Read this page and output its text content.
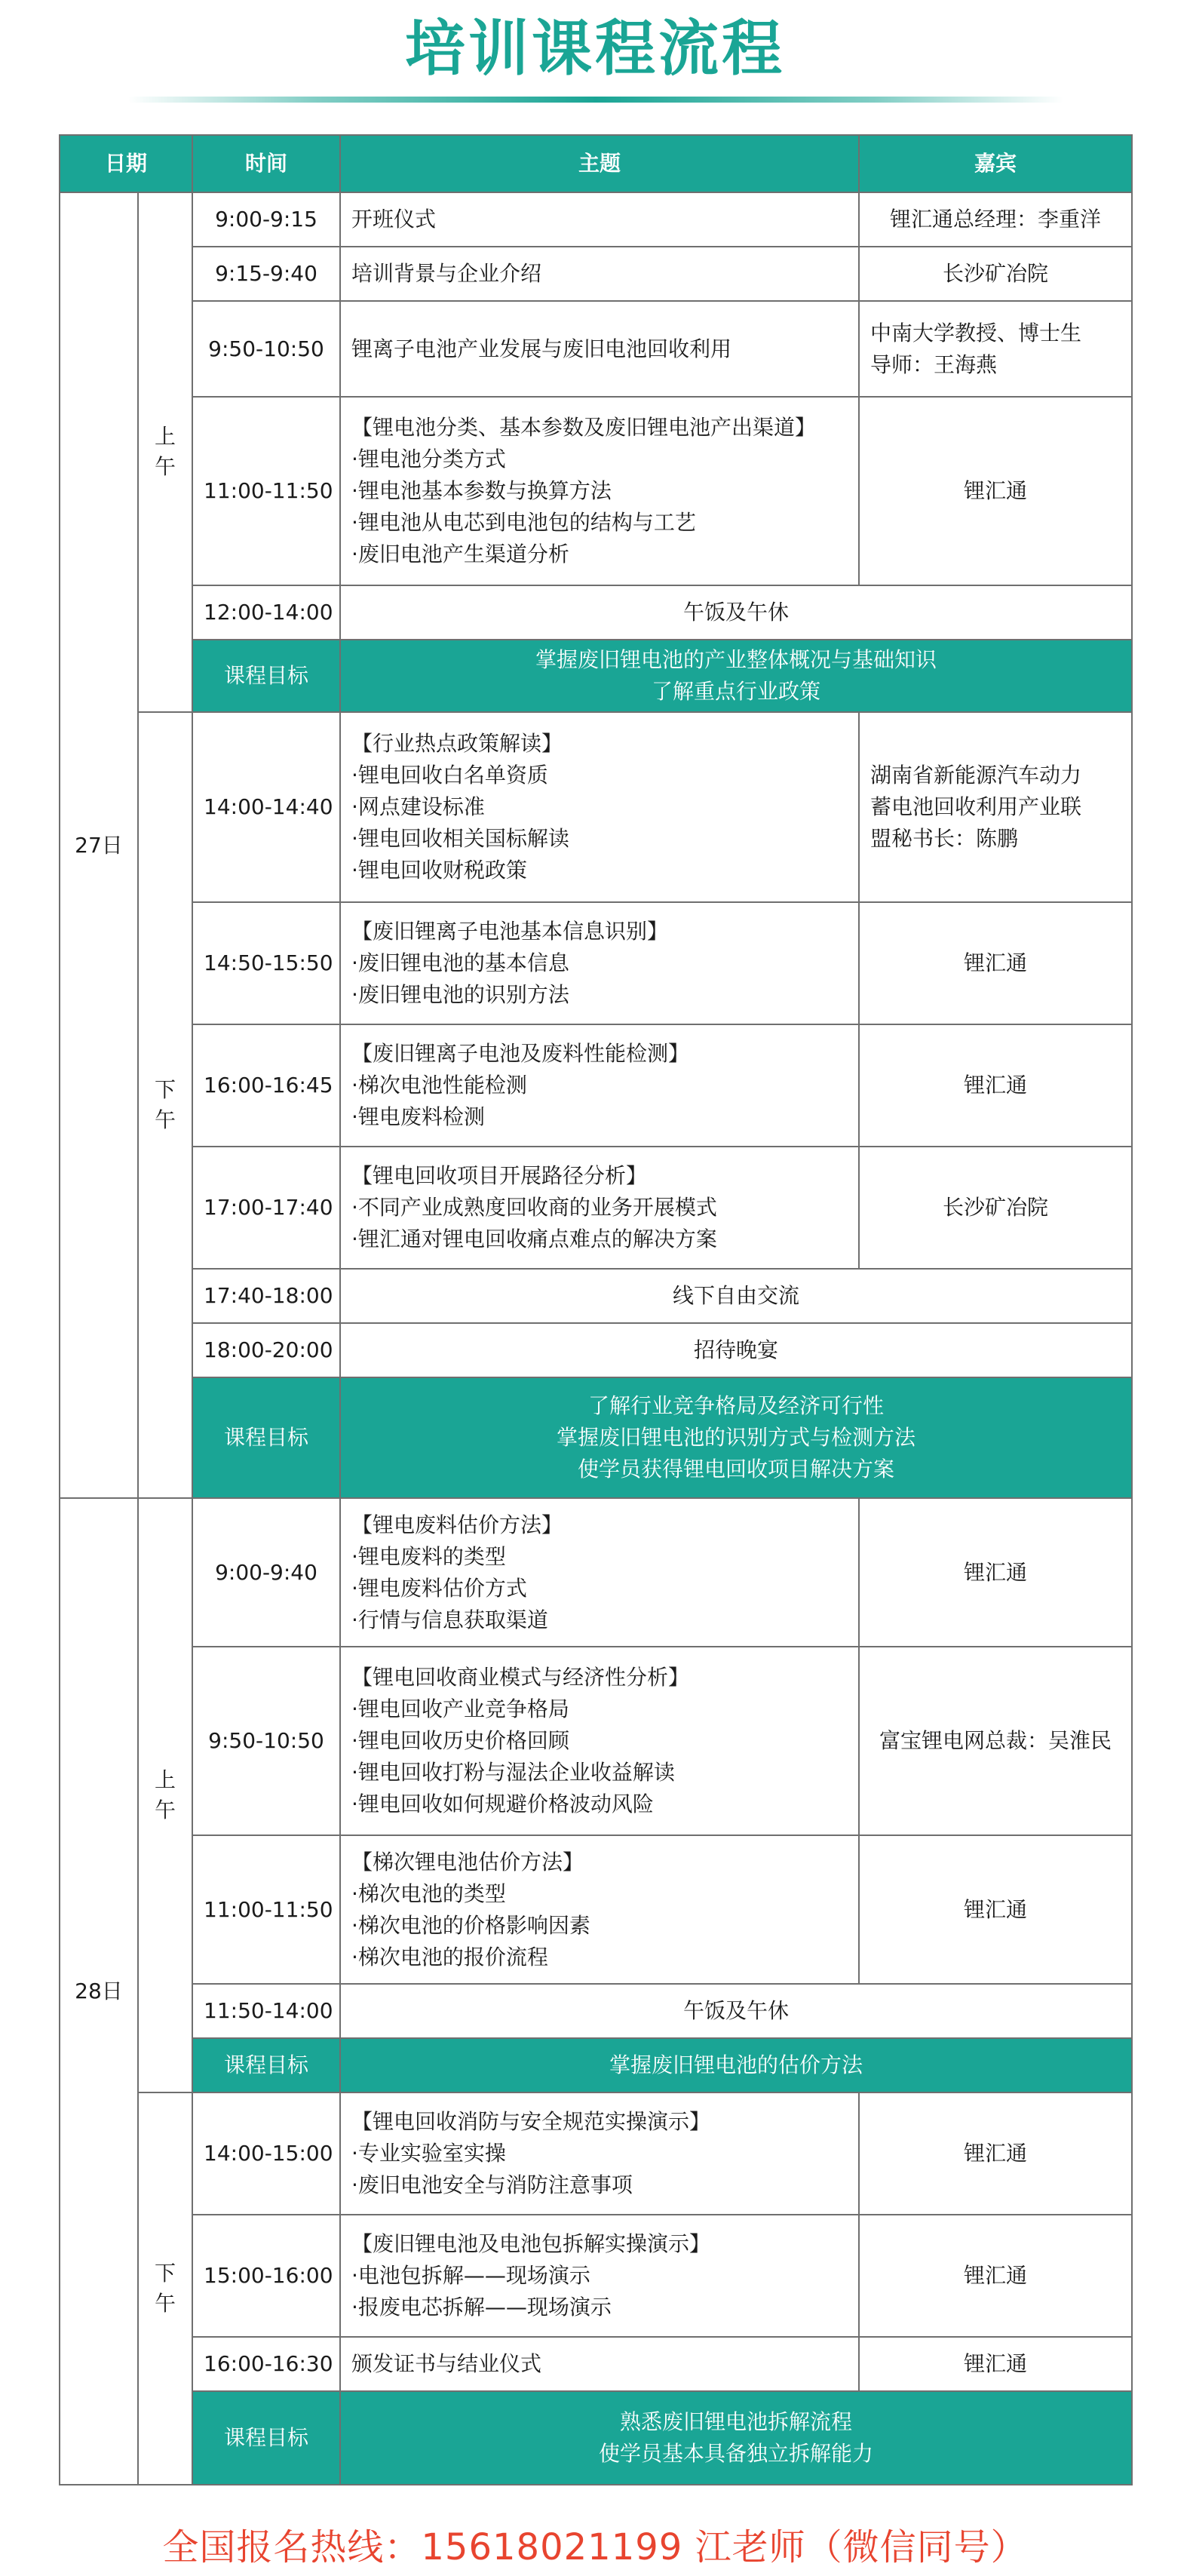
培训课程流程
日期		时间	主题	嘉宾
27日	上午	9:00-9:15	开班仪式	锂汇通总经理：李重洋

		9:15-9:40	培训背景与企业介绍	长沙矿冶院

		9:50-10:50	锂离子电池产业发展与废旧电池回收利用	中南大学教授、博士生
导师：王海燕

		11:00-11:50	【锂电池分类、基本参数及废旧锂电池产出渠道】
·锂电池分类方式
·锂电池基本参数与换算方法
·锂电池从电芯到电池包的结构与工艺
·废旧电池产生渠道分析	锂汇通

		12:00-14:00	午饭及午休	
		课程目标	掌握废旧锂电池的产业整体概况与基础知识
了解重点行业政策	

	下午	14:00-14:40	【行业热点政策解读】
·锂电回收白名单资质
·网点建设标准
·锂电回收相关国标解读
·锂电回收财税政策	湖南省新能源汽车动力
蓄电池回收利用产业联
盟秘书长：陈鹏

		14:50-15:50	【废旧锂离子电池基本信息识别】
·废旧锂电池的基本信息
·废旧锂电池的识别方法	锂汇通

		16:00-16:45	【废旧锂离子电池及废料性能检测】
·梯次电池性能检测
·锂电废料检测	锂汇通

		17:00-17:40	【锂电回收项目开展路径分析】
·不同产业成熟度回收商的业务开展模式
·锂汇通对锂电回收痛点难点的解决方案	长沙矿冶院

		17:40-18:00	线下自由交流	
		18:00-20:00	招待晚宴	
		课程目标	了解行业竞争格局及经济可行性
掌握废旧锂电池的识别方式与检测方法
使学员获得锂电回收项目解决方案	

28日	上午	9:00-9:40	【锂电废料估价方法】
·锂电废料的类型
·锂电废料估价方式
·行情与信息获取渠道	锂汇通

		9:50-10:50	【锂电回收商业模式与经济性分析】
·锂电回收产业竞争格局
·锂电回收历史价格回顾
·锂电回收打粉与湿法企业收益解读
·锂电回收如何规避价格波动风险	富宝锂电网总裁：吴淮民

		11:00-11:50	【梯次锂电池估价方法】
·梯次电池的类型
·梯次电池的价格影响因素
·梯次电池的报价流程	锂汇通

		11:50-14:00	午饭及午休	
		课程目标	掌握废旧锂电池的估价方法	

	下午	14:00-15:00	【锂电回收消防与安全规范实操演示】
·专业实验室实操
·废旧电池安全与消防注意事项	锂汇通

		15:00-16:00	【废旧锂电池及电池包拆解实操演示】
·电池包拆解——现场演示
·报废电芯拆解——现场演示	锂汇通

		16:00-16:30	颁发证书与结业仪式	锂汇通

		课程目标	熟悉废旧锂电池拆解流程
使学员基本具备独立拆解能力	

全国报名热线：15618021199 江老师（微信同号）
